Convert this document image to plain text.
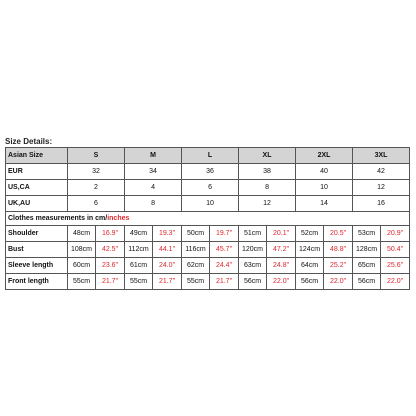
Size Details:
Asian Size	S		M		L		XL		2XL		3XL	
EUR	32		34		36		38		40		42	
US,CA	2		4		6		8		10		12	
UK,AU	6		8		10		12		14		16	
Clothes measurements in cm/inches												
Shoulder	48cm	16.9"	49cm	19.3"	50cm	19.7"	51cm	20.1"	52cm	20.5"	53cm	20.9"
Bust	108cm	42.5"	112cm	44.1"	116cm	45.7"	120cm	47.2"	124cm	48.8"	128cm	50.4"
Sleeve length	60cm	23.6"	61cm	24.0"	62cm	24.4"	63cm	24.8"	64cm	25.2"	65cm	25.6"
Front length	55cm	21.7"	55cm	21.7"	55cm	21.7"	56cm	22.0"	56cm	22.0"	56cm	22.0"
